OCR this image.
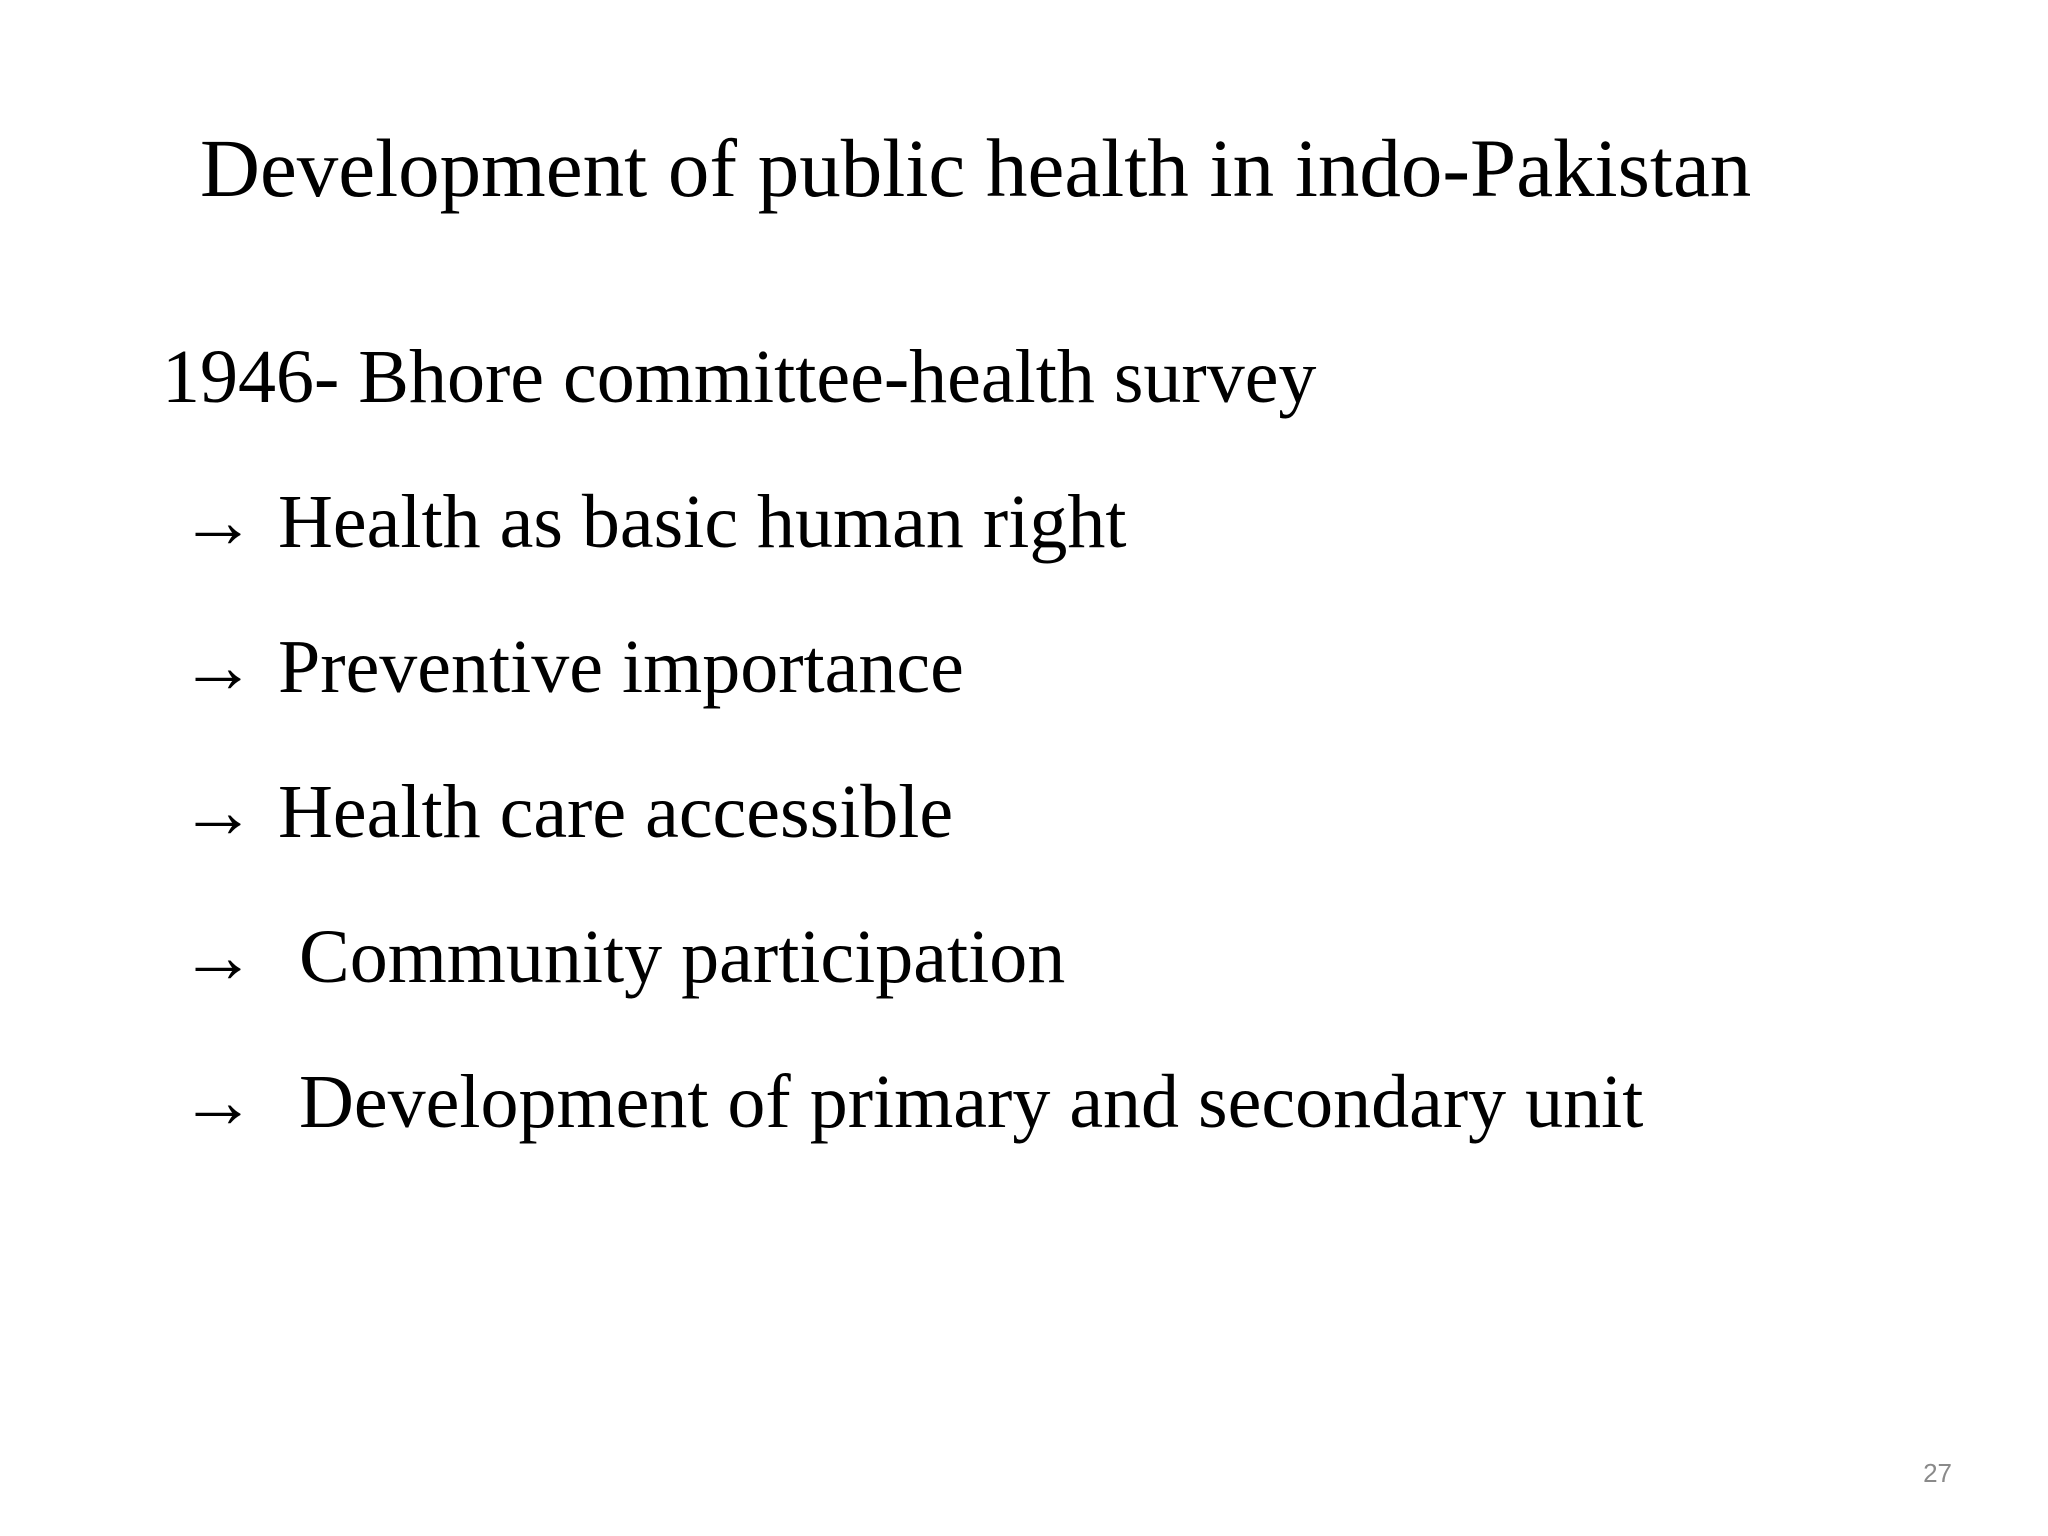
Development of public health in indo-Pakistan
1946- Bhore committee-health survey
→ Health as basic human right
→ Preventive importance
→ Health care accessible
→ Community participation
→ Development of primary and secondary unit
27
